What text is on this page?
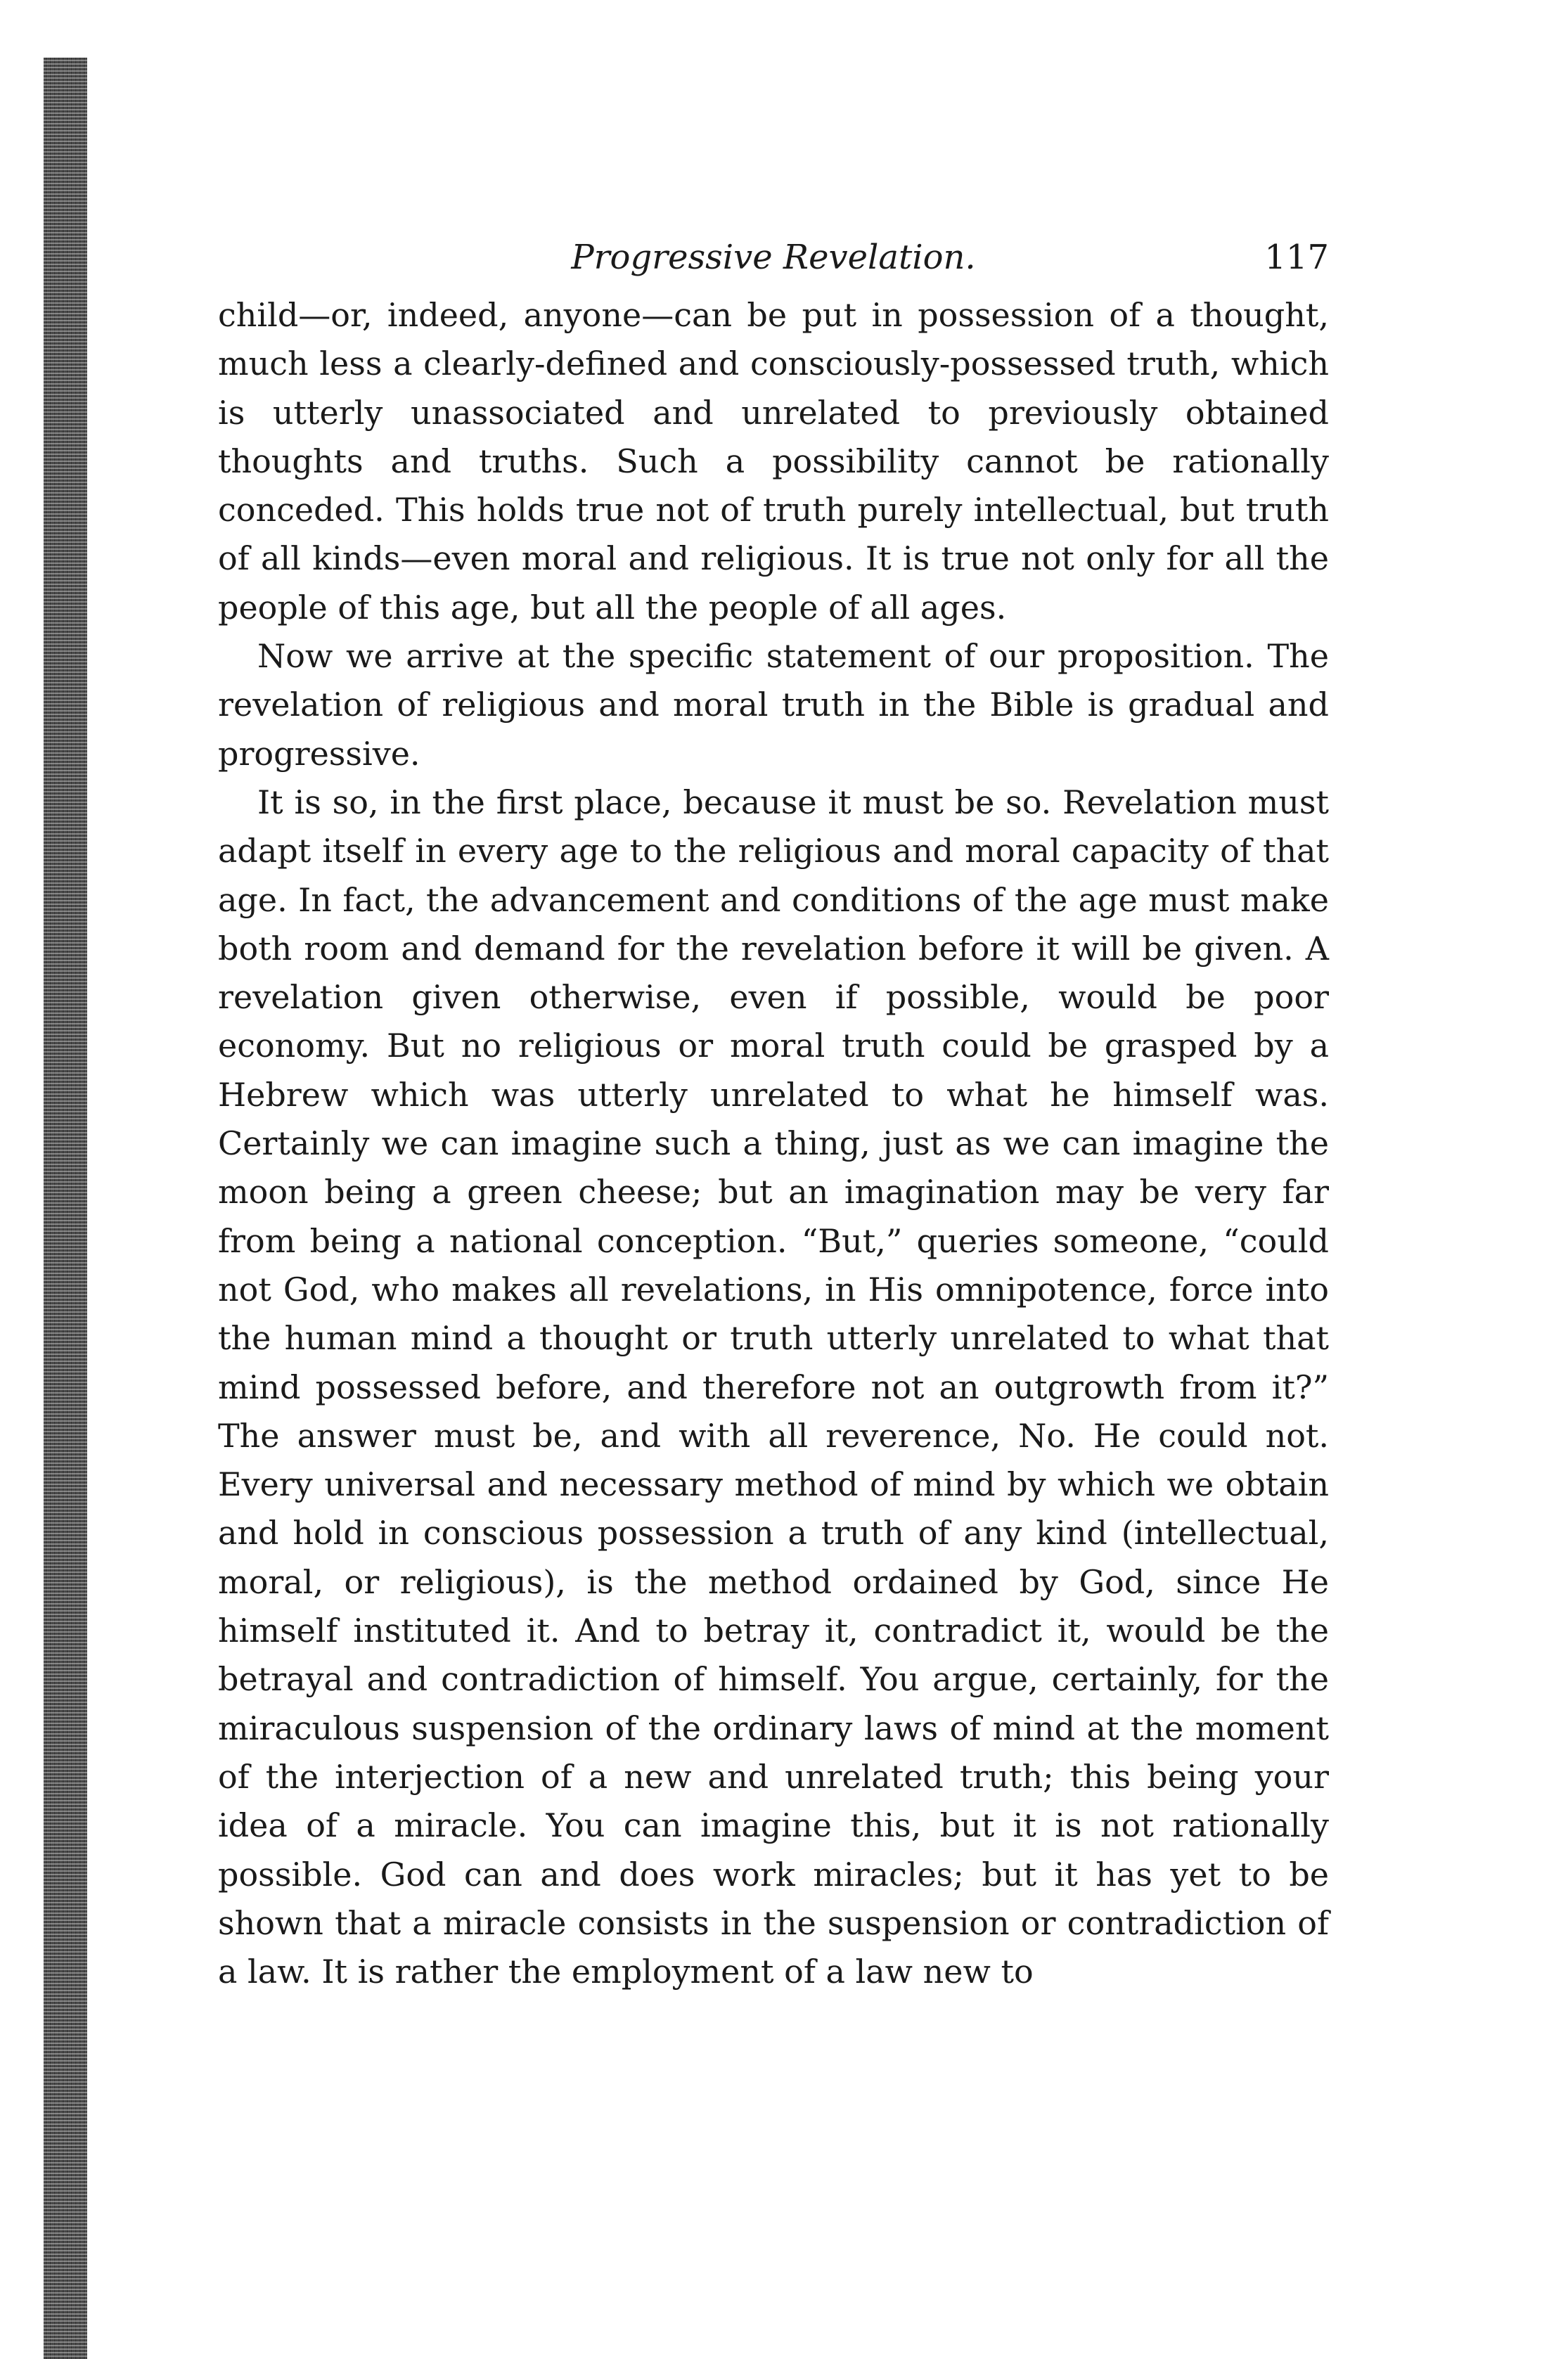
Progressive Revelation.	117

child—or, indeed, anyone—can be put in possession of a thought, much less a clearly-defined and consciously-possessed truth, which is utterly unassociated and unrelated to previously obtained thoughts and truths. Such a possibility cannot be rationally conceded. This holds true not of truth purely intellectual, but truth of all kinds—even moral and religious. It is true not only for all the people of this age, but all the people of all ages.

Now we arrive at the specific statement of our proposition. The revelation of religious and moral truth in the Bible is gradual and progressive.

It is so, in the first place, because it must be so. Revelation must adapt itself in every age to the religious and moral capacity of that age. In fact, the advancement and conditions of the age must make both room and demand for the revelation before it will be given. A revelation given otherwise, even if possible, would be poor economy. But no religious or moral truth could be grasped by a Hebrew which was utterly unrelated to what he himself was. Certainly we can imagine such a thing, just as we can imagine the moon being a green cheese; but an imagination may be very far from being a national conception. “But,” queries someone, “could not God, who makes all revelations, in His omnipotence, force into the human mind a thought or truth utterly unrelated to what that mind possessed before, and therefore not an outgrowth from it?” The answer must be, and with all reverence, No. He could not. Every universal and necessary method of mind by which we obtain and hold in conscious possession a truth of any kind (intellectual, moral, or religious), is the method ordained by God, since He himself instituted it. And to betray it, contradict it, would be the betrayal and contradiction of himself. You argue, certainly, for the miraculous suspension of the ordinary laws of mind at the moment of the interjection of a new and unrelated truth; this being your idea of a miracle. You can imagine this, but it is not rationally possible. God can and does work miracles; but it has yet to be shown that a miracle consists in the suspension or contradiction of a law. It is rather the employment of a law new to
